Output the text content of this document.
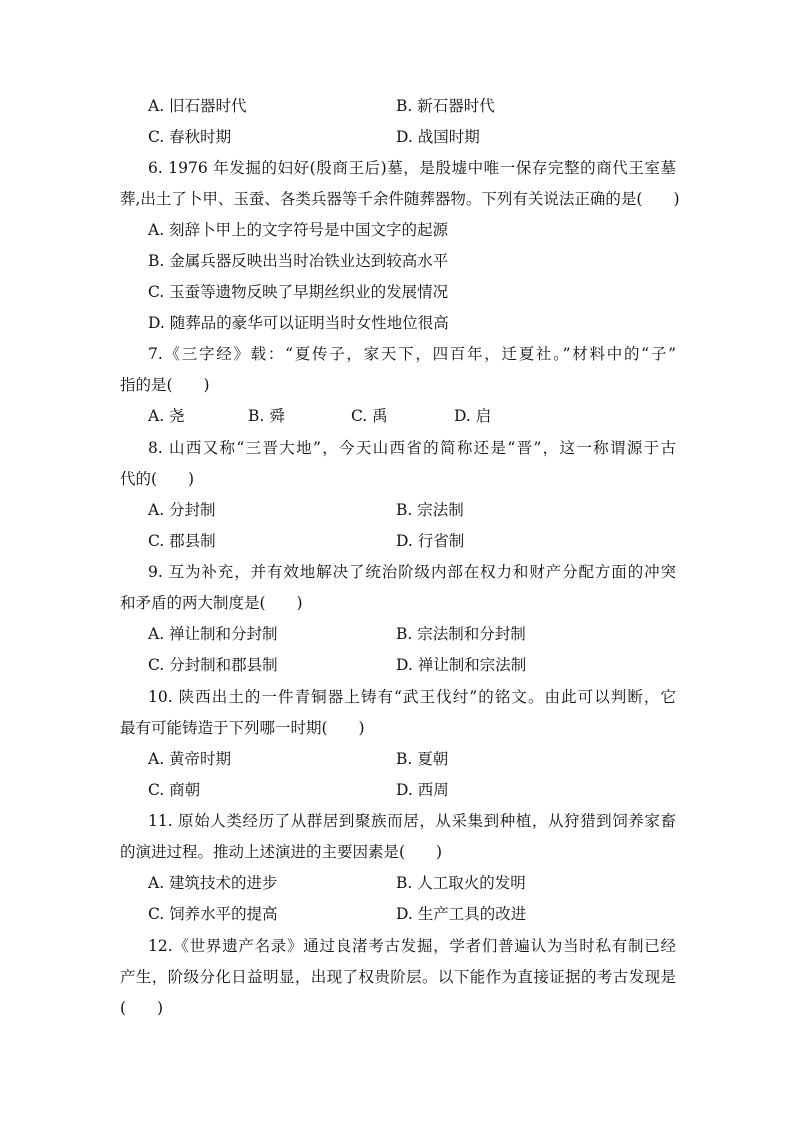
A. 旧石器时代	B. 新石器时代
C. 春秋时期	D. 战国时期
6. 1976 年发掘的妇好(殷商王后)墓，是殷墟中唯一保存完整的商代王室墓
葬,出土了卜甲、玉蚕、各类兵器等千余件随葬器物。下列有关说法正确的是(　　)
A. 刻辞卜甲上的文字符号是中国文字的起源
B. 金属兵器反映出当时冶铁业达到较高水平
C. 玉蚕等遗物反映了早期丝织业的发展情况
D. 随葬品的豪华可以证明当时女性地位很高
7.《三字经》载：“夏传子，家天下，四百年，迁夏社。”材料中的“子”
指的是(　　)
A. 尧	B. 舜	C. 禹	D. 启
8. 山西又称“三晋大地”，今天山西省的简称还是“晋”，这一称谓源于古
代的(　　)
A. 分封制	B. 宗法制
C. 郡县制	D. 行省制
9. 互为补充，并有效地解决了统治阶级内部在权力和财产分配方面的冲突
和矛盾的两大制度是(　　)
A. 禅让制和分封制	B. 宗法制和分封制
C. 分封制和郡县制	D. 禅让制和宗法制
10. 陕西出土的一件青铜器上铸有“武王伐纣”的铭文。由此可以判断，它
最有可能铸造于下列哪一时期(　　)
A. 黄帝时期	B. 夏朝
C. 商朝	D. 西周
11. 原始人类经历了从群居到聚族而居，从采集到种植，从狩猎到饲养家畜
的演进过程。推动上述演进的主要因素是(　　)
A. 建筑技术的进步	B. 人工取火的发明
C. 饲养水平的提高	D. 生产工具的改进
12.《世界遗产名录》通过良渚考古发掘，学者们普遍认为当时私有制已经
产生，阶级分化日益明显，出现了权贵阶层。以下能作为直接证据的考古发现是
(　　)
